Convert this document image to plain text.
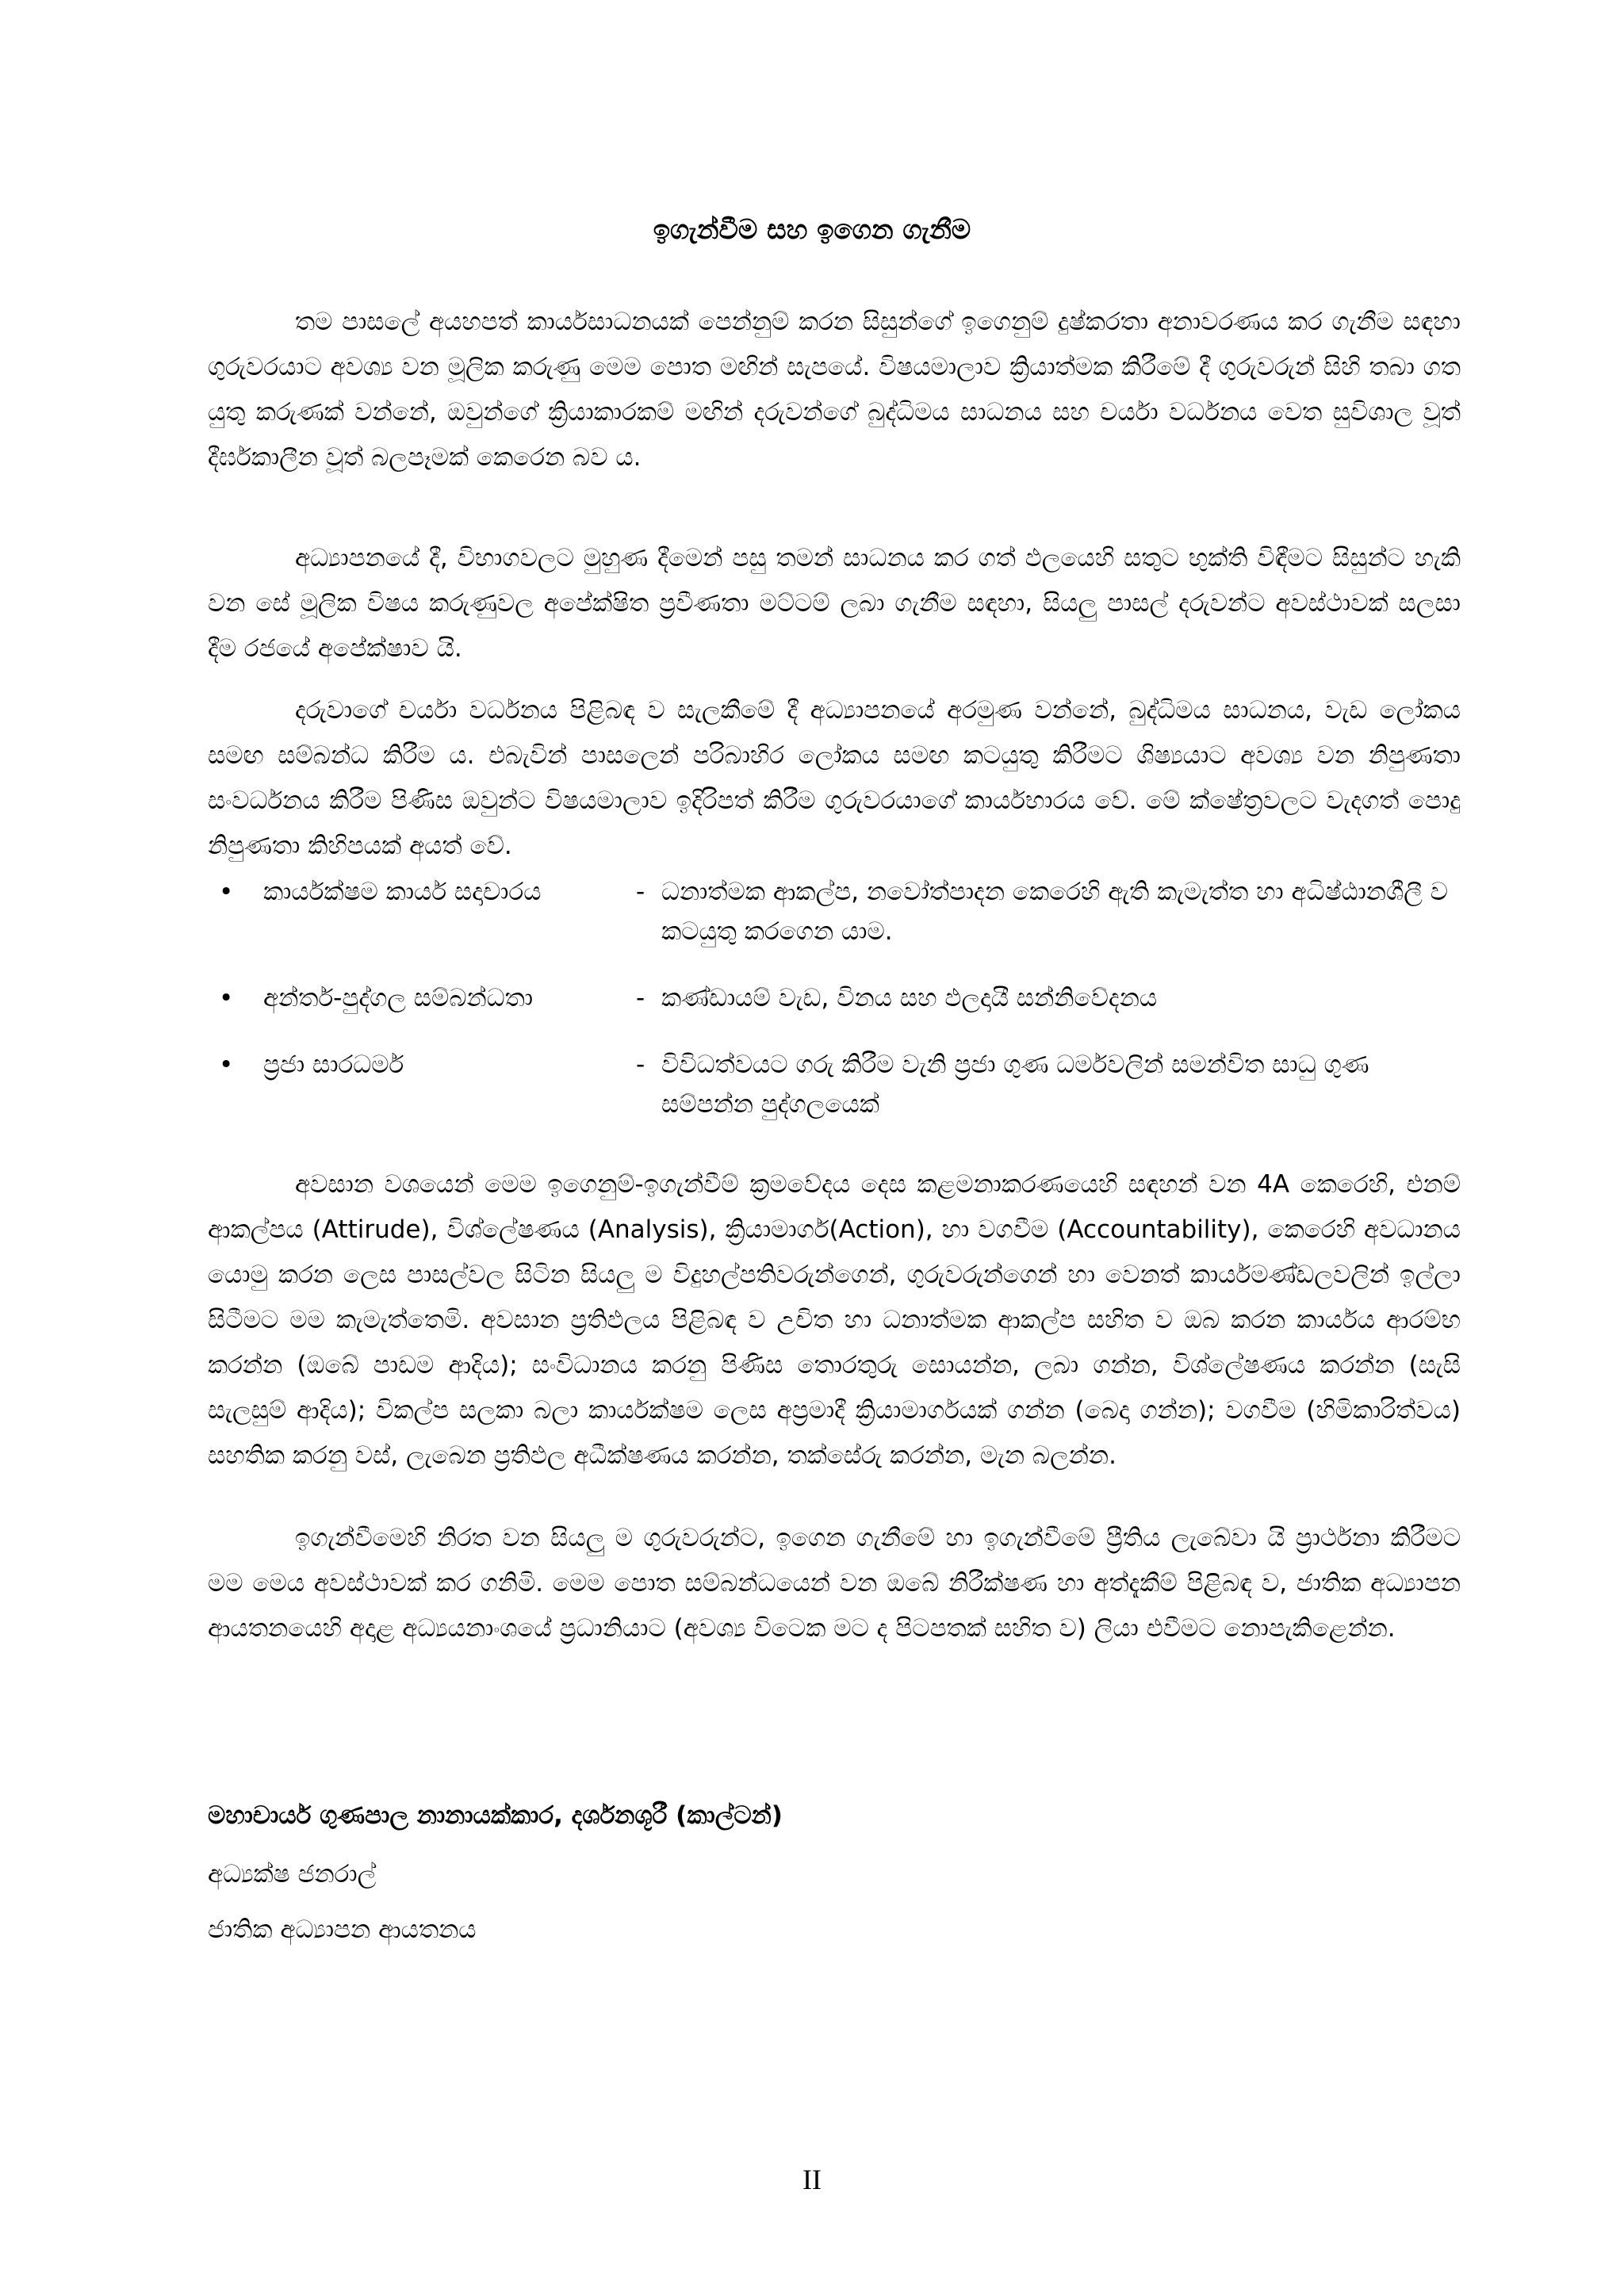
ඉගැන්වීම සහ ඉගෙන ගැනීම

තම පාසලේ අයහපත් කාර්යසාධනයක් පෙන්නුම් කරන සිසුන්ගේ ඉගෙනුම් දුෂ්කරතා අනාවරණය කර ගැනීම සඳහා ගුරුවරයාට අවශ්‍ය වන මූලික කරුණු මෙම පොත මඟින් සැපයේ. විෂයමාලාව ක්‍රියාත්මක කිරීමේ දී ගුරුවරුන් සිහි තබා ගත යුතු කරුණක් වන්නේ, ඔවුන්ගේ ක්‍රියාකාරකම් මඟින් දරුවන්ගේ බුද්ධිමය සාධනය සහ චර්යා වර්ධනය වෙත සුවිශාල වූත් දීර්ඝකාලීන වූත් බලපෑමක් කෙරෙන බව ය.

අධ්‍යාපනයේ දී, විභාගවලට මුහුණ දීමෙන් පසු තමන් සාධනය කර ගත් ඵලයෙහි සතුට භුක්ති විඳීමට සිසුන්ට හැකි වන සේ මූලික විෂය කරුණුවල අපේක්ෂිත ප්‍රවීණතා මට්ටම් ලබා ගැනීම සඳහා, සියලු පාසල් දරුවන්ට අවස්ථාවක් සලසා දීම රජයේ අපේක්ෂාව යි.

දරුවාගේ චර්යා වර්ධනය පිළිබඳ ව සැලකීමේ දී අධ්‍යාපනයේ අරමුණ වන්නේ, බුද්ධිමය සාධනය, වැඩ ලෝකය සමඟ සම්බන්ධ කිරීම ය. එබැවින් පාසලෙන් පරිබාහිර ලෝකය සමඟ කටයුතු කිරීමට ශිෂ්‍යයාට අවශ්‍ය වන නිපුණතා සංවර්ධනය කිරීම පිණිස ඔවුන්ට විෂයමාලාව ඉදිරිපත් කිරීම ගුරුවරයාගේ කාර්යභාරය වේ. මේ ක්ෂේත්‍රවලට වැදගත් පොදු නිපුණතා කිහිපයක් අයත් වේ.

• කාර්යක්ෂම කාර්ය සදාචාරය	- ධනාත්මක ආකල්ප, නවෝත්පාදන කෙරෙහි ඇති කැමැත්ත හා අධිෂ්ඨානශීලී ව කටයුතු කරගෙන යාම.
• අන්තර්-පුද්ගල සම්බන්ධතා	- කණ්ඩායම් වැඩ, විනය සහ ඵලදායී සන්නිවේදනය
• ප්‍රජා සාරධර්ම	- විවිධත්වයට ගරු කිරීම වැනි ප්‍රජා ගුණ ධර්මවලින් සමන්විත සාධු ගුණ සම්පන්න පුද්ගලයෙක්

අවසාන වශයෙන් මෙම ඉගෙනුම්-ඉගැන්වීම් ක්‍රමවේදය දෙස කළමනාකරණයෙහි සඳහන් වන 4A කෙරෙහි, එනම් ආකල්පය (Attirude), විශ්ලේෂණය (Analysis), ක්‍රියාමාර්ග(Action), හා වගවීම (Accountability), කෙරෙහි අවධානය යොමු කරන ලෙස පාසල්වල සිටින සියලු ම විදුහල්පතිවරුන්ගෙන්, ගුරුවරුන්ගෙන් හා වෙනත් කාර්යමණ්ඩලවලින් ඉල්ලා සිටීමට මම කැමැත්තෙමි. අවසාන ප්‍රතිඵලය පිළිබඳ ව උචිත හා ධනාත්මක ආකල්ප සහිත ව ඔබ කරන කාර්යය ආරම්භ කරන්න (ඔබේ පාඩම ආදිය); සංවිධානය කරනු පිණිස තොරතුරු සොයන්න, ලබා ගන්න, විශ්ලේෂණය කරන්න (සැසි සැලසුම් ආදිය); විකල්ප සලකා බලා කාර්යක්ෂම ලෙස අප්‍රමාදී ක්‍රියාමාර්ගයක් ගන්න (බෙදා ගන්න); වගවීම (හිමිකාරිත්වය) සහතික කරනු වස්, ලැබෙන ප්‍රතිඵල අධීක්ෂණය කරන්න, තක්සේරු කරන්න, මැන බලන්න.

ඉගැන්වීමෙහි නිරත වන සියලු ම ගුරුවරුන්ට, ඉගෙන ගැනීමේ හා ඉගැන්වීමේ ප්‍රීතිය ලැබේවා යි ප්‍රාර්ථනා කිරීමට මම මෙය අවස්ථාවක් කර ගනිමි. මෙම පොත සම්බන්ධයෙන් වන ඔබේ නිරීක්ෂණ හා අත්දැකීම් පිළිබඳ ව, ජාතික අධ්‍යාපන ආයතනයෙහි අදාළ අධ්‍යයනාංශයේ ප්‍රධානියාට (අවශ්‍ය විටෙක මට ද පිටපතක් සහිත ව) ලියා එවීමට නොපැකිළෙන්න.

මහාචාර්ය ගුණපාල නානායක්කාර, දර්ශනශූරී (කාල්ටන්)
අධ්‍යක්ෂ ජනරාල්
ජාතික අධ්‍යාපන ආයතනය
II
